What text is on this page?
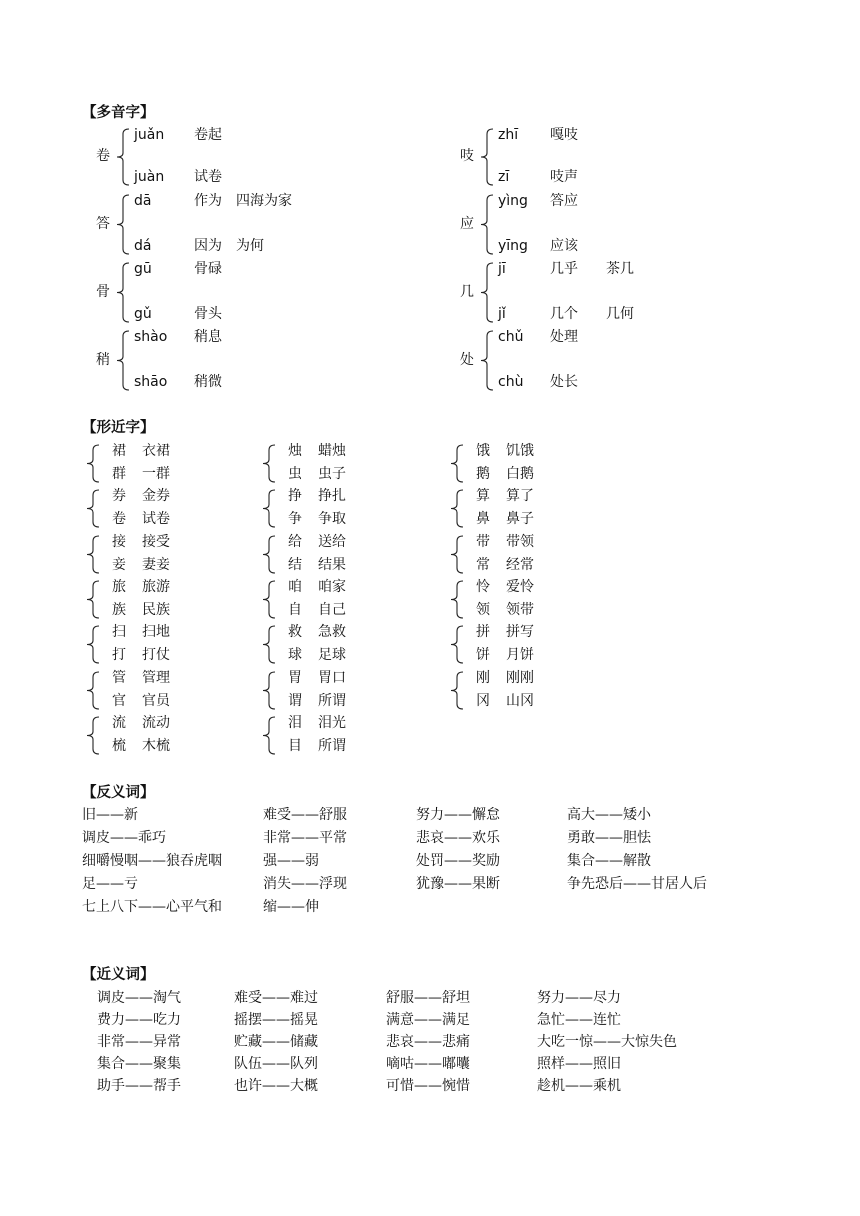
【多音字】
卷
juǎn 卷起
juàn 试卷
吱
zhī 嘎吱
zī	吱声
答
dā	作为　四海为家
dá	因为　为何
应
yìng 答应
yīng 应该
骨
gū	骨碌
gǔ	骨头
几
jī	几乎　　茶几
jǐ	几个　　几何
稍
shào 稍息
shāo 稍微
处
chǔ 处理
chù 处长
【形近字】
裙 衣裙
群 一群
烛 蜡烛
虫 虫子
饿 饥饿
鹅 白鹅
券 金券
卷 试卷
挣 挣扎
争 争取
算 算了
鼻 鼻子
接 接受
妾 妻妾
给 送给
结 结果
带 带领
常 经常
旅 旅游
族 民族
咱 咱家
自 自己
怜 爱怜
领 领带
扫 扫地
打 打仗
救 急救
球 足球
拼 拼写
饼 月饼
管 管理
官 官员
胃 胃口
谓 所谓
刚 刚刚
冈 山冈
流 流动
梳 木梳
泪 泪光
目 所谓
【反义词】
旧——新	难受——舒服	努力——懈怠	高大——矮小
调皮——乖巧	非常——平常	悲哀——欢乐	勇敢——胆怯
细嚼慢咽——狼吞虎咽	强——弱	处罚——奖励	集合——解散
足——亏	消失——浮现	犹豫——果断	争先恐后——甘居人后
七上八下——心平气和	缩——伸
【近义词】
调皮——淘气	难受——难过	舒服——舒坦	努力——尽力
费力——吃力	摇摆——摇晃	满意——满足	急忙——连忙
非常——异常	贮藏——储藏	悲哀——悲痛	大吃一惊——大惊失色
集合——聚集	队伍——队列	嘀咕——嘟囔	照样——照旧
助手——帮手	也许——大概	可惜——惋惜	趁机——乘机
